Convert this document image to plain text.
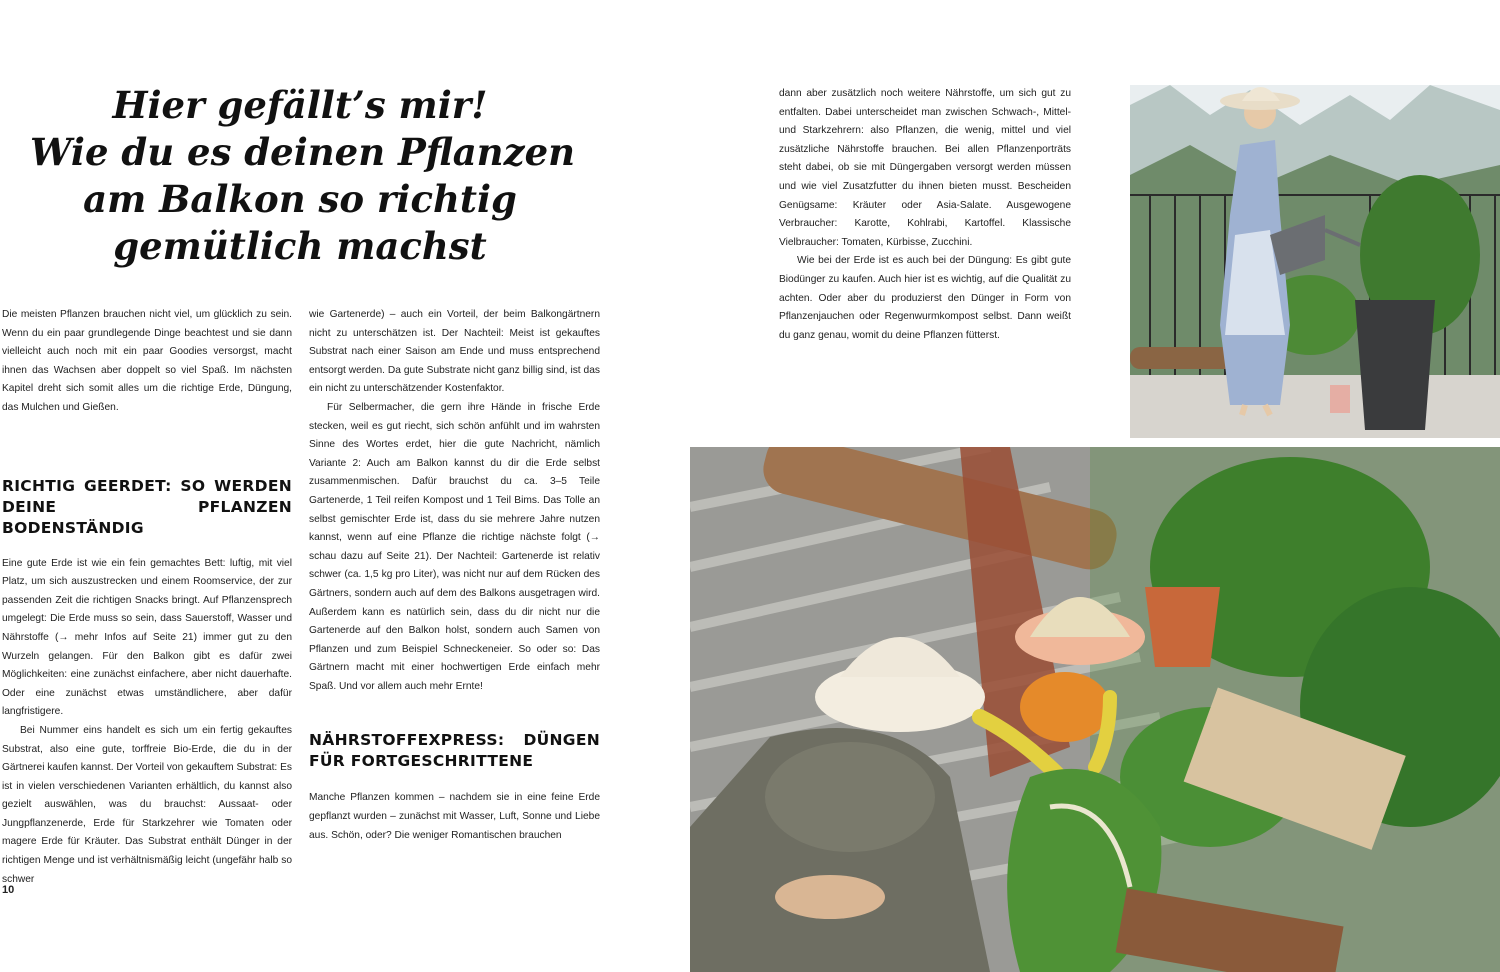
Hier gefällt’s mir!
Wie du es deinen Pflanzen
am Balkon so richtig
gemütlich machst

Die meisten Pflanzen brauchen nicht viel, um glücklich zu sein. Wenn du ein paar grundlegende Dinge beachtest und sie dann vielleicht auch noch mit ein paar Goodies versorgst, macht ihnen das Wachsen aber doppelt so viel Spaß. Im nächsten Kapitel dreht sich somit alles um die richtige Erde, Düngung, das Mulchen und Gießen.

RICHTIG GEERDET: SO WERDEN DEINE PFLANZEN BODENSTÄNDIG

Eine gute Erde ist wie ein fein gemachtes Bett: luftig, mit viel Platz, um sich auszustrecken und einem Roomservice, der zur passenden Zeit die richtigen Snacks bringt. Auf Pflanzensprech umgelegt: Die Erde muss so sein, dass Sauerstoff, Wasser und Nährstoffe (→ mehr Infos auf Seite 21) immer gut zu den Wurzeln gelangen. Für den Balkon gibt es dafür zwei Möglichkeiten: eine zunächst einfachere, aber nicht dauerhafte. Oder eine zunächst etwas umständlichere, aber dafür langfristigere.

Bei Nummer eins handelt es sich um ein fertig gekauftes Substrat, also eine gute, torffreie Bio-Erde, die du in der Gärtnerei kaufen kannst. Der Vorteil von gekauftem Substrat: Es ist in vielen verschiedenen Varianten erhältlich, du kannst also gezielt auswählen, was du brauchst: Aussaat- oder Jungpflanzenerde, Erde für Starkzehrer wie Tomaten oder magere Erde für Kräuter. Das Substrat enthält Dünger in der richtigen Menge und ist verhältnismäßig leicht (ungefähr halb so schwer

wie Gartenerde) – auch ein Vorteil, der beim Balkongärtnern nicht zu unterschätzen ist. Der Nachteil: Meist ist gekauftes Substrat nach einer Saison am Ende und muss entsprechend entsorgt werden. Da gute Substrate nicht ganz billig sind, ist das ein nicht zu unterschätzender Kostenfaktor.

Für Selbermacher, die gern ihre Hände in frische Erde stecken, weil es gut riecht, sich schön anfühlt und im wahrsten Sinne des Wortes erdet, hier die gute Nachricht, nämlich Variante 2: Auch am Balkon kannst du dir die Erde selbst zusammenmischen. Dafür brauchst du ca. 3–5 Teile Gartenerde, 1 Teil reifen Kompost und 1 Teil Bims. Das Tolle an selbst gemischter Erde ist, dass du sie mehrere Jahre nutzen kannst, wenn auf eine Pflanze die richtige nächste folgt (→ schau dazu auf Seite 21). Der Nachteil: Gartenerde ist relativ schwer (ca. 1,5 kg pro Liter), was nicht nur auf dem Rücken des Gärtners, sondern auch auf dem des Balkons ausgetragen wird. Außerdem kann es natürlich sein, dass du dir nicht nur die Gartenerde auf den Balkon holst, sondern auch Samen von Pflanzen und zum Beispiel Schneckeneier. So oder so: Das Gärtnern macht mit einer hochwertigen Erde einfach mehr Spaß. Und vor allem auch mehr Ernte!

NÄHRSTOFFEXPRESS: DÜNGEN FÜR FORTGESCHRITTENE

Manche Pflanzen kommen – nachdem sie in eine feine Erde gepflanzt wurden – zunächst mit Wasser, Luft, Sonne und Liebe aus. Schön, oder? Die weniger Romantischen brauchen

10

dann aber zusätzlich noch weitere Nährstoffe, um sich gut zu entfalten. Dabei unterscheidet man zwischen Schwach-, Mittel- und Starkzehrern: also Pflanzen, die wenig, mittel und viel zusätzliche Nährstoffe brauchen. Bei allen Pflanzenporträts steht dabei, ob sie mit Düngergaben versorgt werden müssen und wie viel Zusatzfutter du ihnen bieten musst. Bescheiden Genügsame: Kräuter oder Asia-Salate. Ausgewogene Verbraucher: Karotte, Kohlrabi, Kartoffel. Klassische Vielbraucher: Tomaten, Kürbisse, Zucchini.

Wie bei der Erde ist es auch bei der Düngung: Es gibt gute Biodünger zu kaufen. Auch hier ist es wichtig, auf die Qualität zu achten. Oder aber du produzierst den Dünger in Form von Pflanzenjauchen oder Regenwurmkompost selbst. Dann weißt du ganz genau, womit du deine Pflanzen fütterst.
